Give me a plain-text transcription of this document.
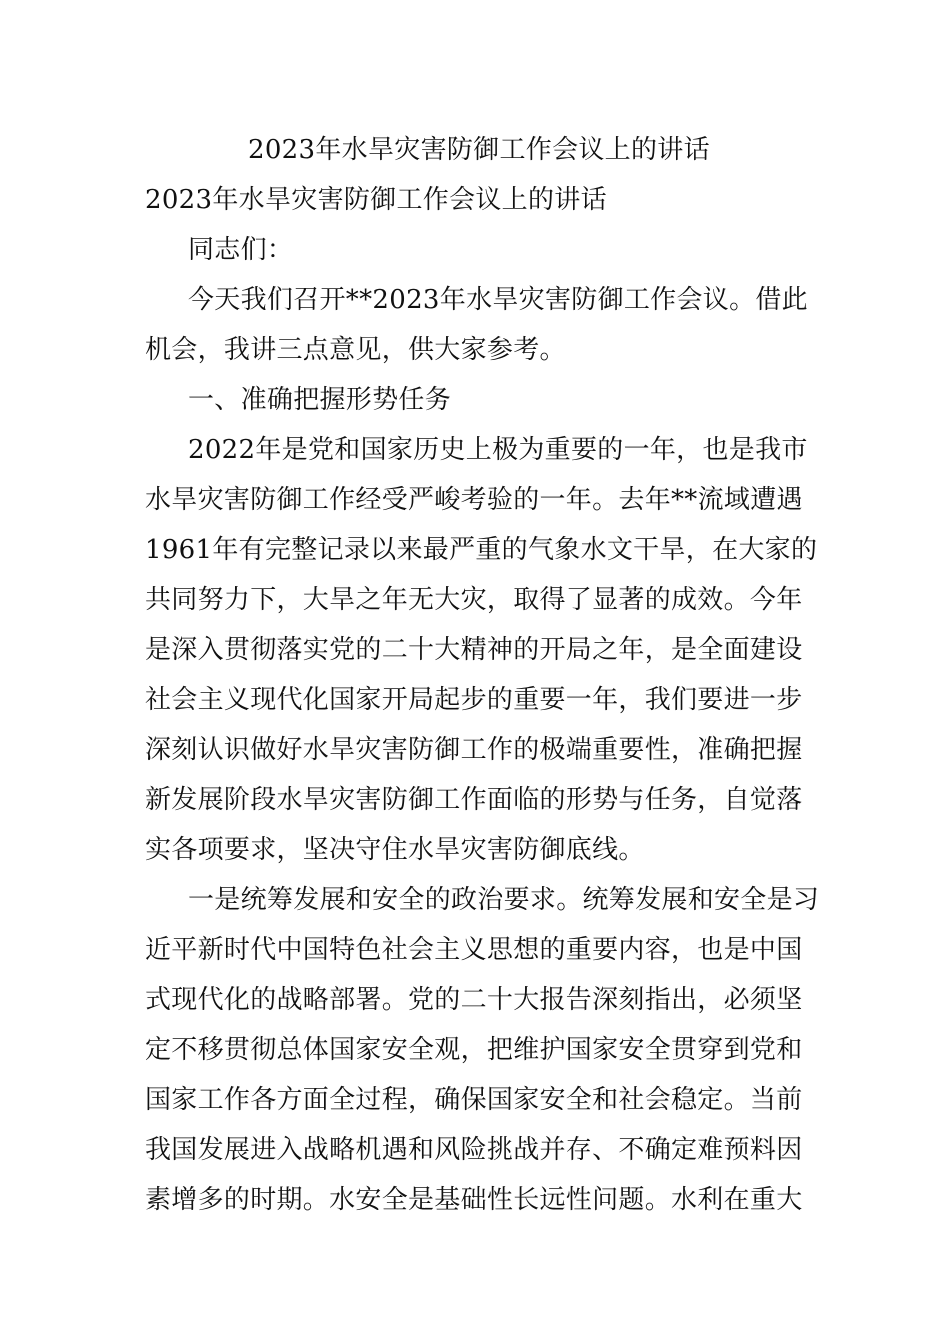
2023年水旱灾害防御工作会议上的讲话
2023年水旱灾害防御工作会议上的讲话
同志们：
今天我们召开**2023年水旱灾害防御工作会议。借此
机会，我讲三点意见，供大家参考。
一、准确把握形势任务
2022年是党和国家历史上极为重要的一年，也是我市
水旱灾害防御工作经受严峻考验的一年。去年**流域遭遇
1961年有完整记录以来最严重的气象水文干旱，在大家的
共同努力下，大旱之年无大灾，取得了显著的成效。今年
是深入贯彻落实党的二十大精神的开局之年，是全面建设
社会主义现代化国家开局起步的重要一年，我们要进一步
深刻认识做好水旱灾害防御工作的极端重要性，准确把握
新发展阶段水旱灾害防御工作面临的形势与任务，自觉落
实各项要求，坚决守住水旱灾害防御底线。
一是统筹发展和安全的政治要求。统筹发展和安全是习
近平新时代中国特色社会主义思想的重要内容，也是中国
式现代化的战略部署。党的二十大报告深刻指出，必须坚
定不移贯彻总体国家安全观，把维护国家安全贯穿到党和
国家工作各方面全过程，确保国家安全和社会稳定。当前
我国发展进入战略机遇和风险挑战并存、不确定难预料因
素增多的时期。水安全是基础性长远性问题。水利在重大
